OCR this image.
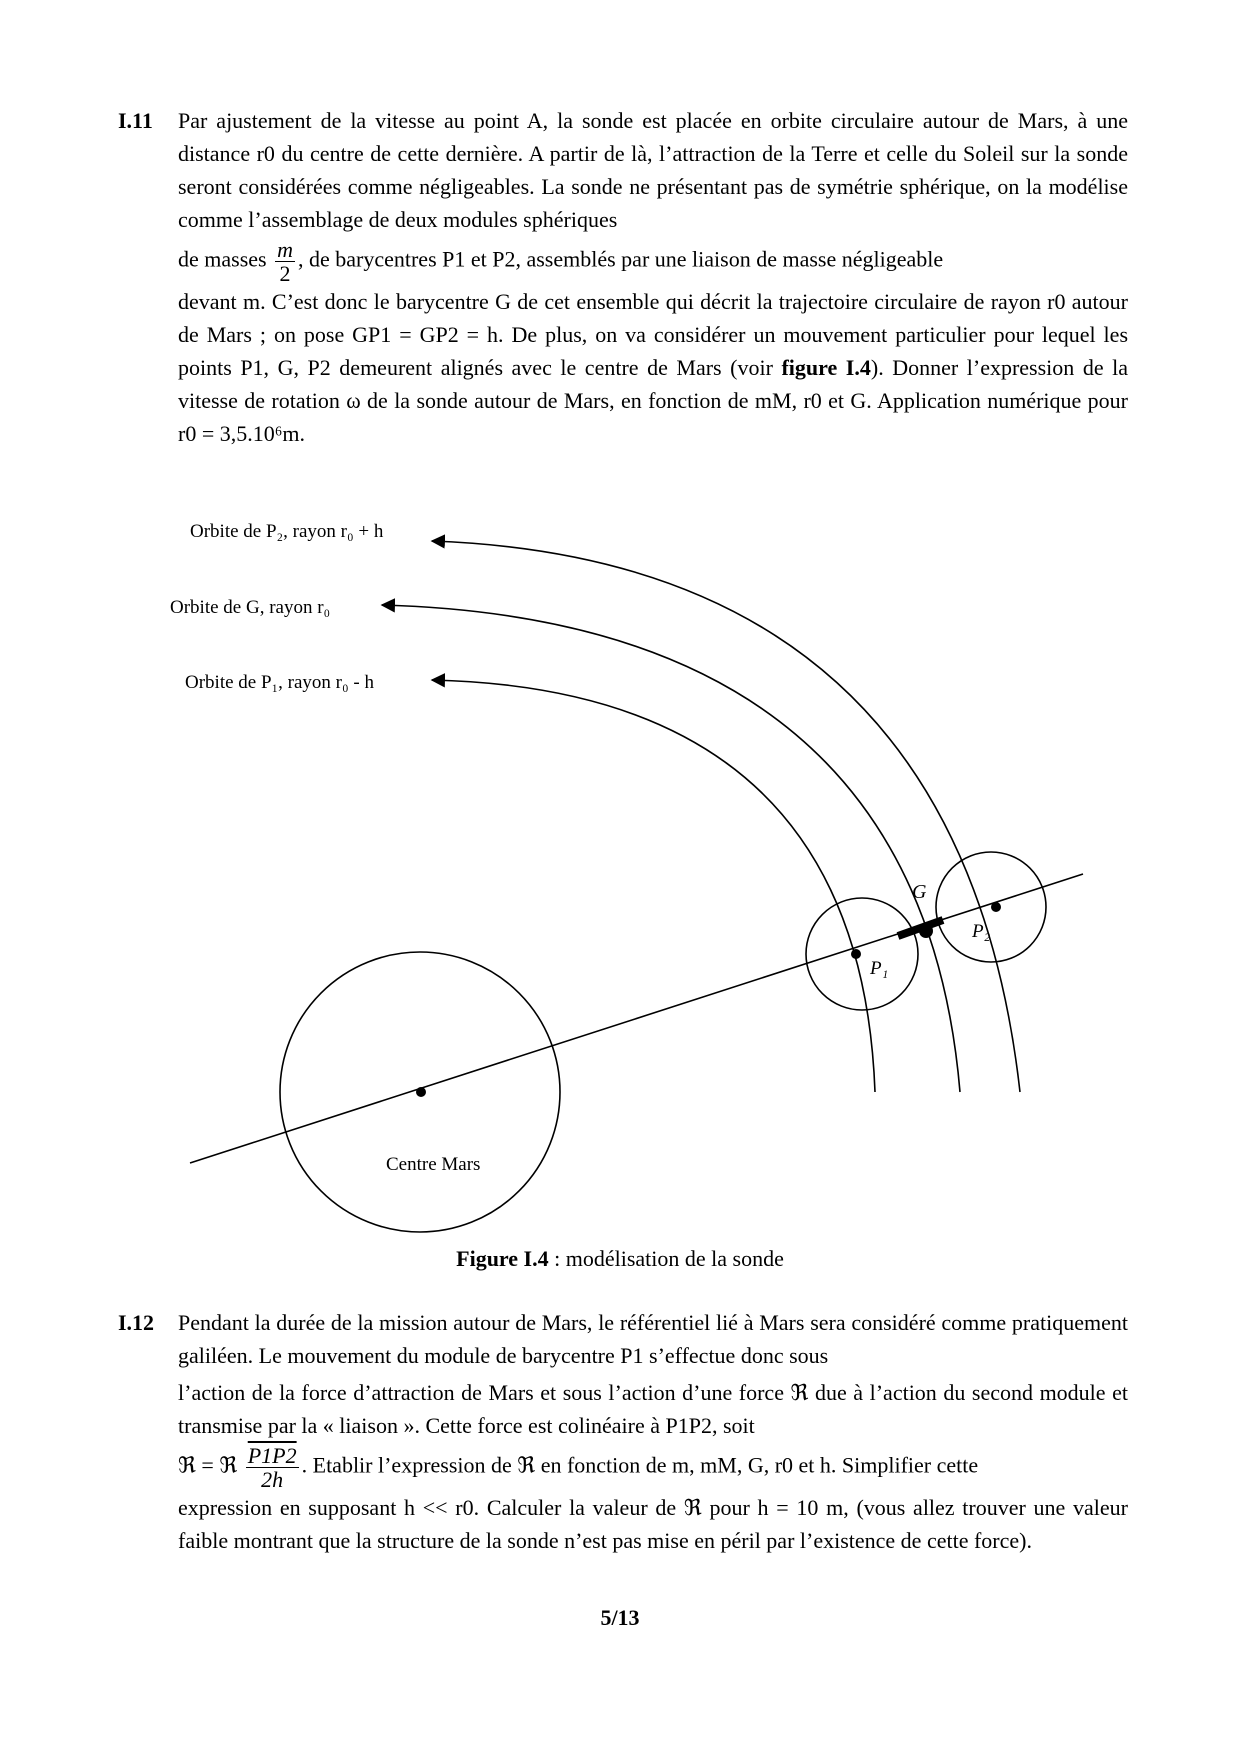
I.11 Par ajustement de la vitesse au point A, la sonde est placée en orbite circulaire autour de Mars, à une distance r0 du centre de cette dernière. A partir de là, l’attraction de la Terre et celle du Soleil sur la sonde seront considérées comme négligeables. La sonde ne présentant pas de symétrie sphérique, on la modélise comme l’assemblage de deux modules sphériques

de masses $\frac{m}{2}$ , de barycentres P1 et P2, assemblés par une liaison de masse négligeable

devant m. C’est donc le barycentre G de cet ensemble qui décrit la trajectoire circulaire de rayon r0 autour de Mars ; on pose GP1 = GP2 = h. De plus, on va considérer un mouvement particulier pour lequel les points P1, G, P2 demeurent alignés avec le centre de Mars (voir figure I.4). Donner l’expression de la vitesse de rotation ω de la sonde autour de Mars, en fonction de mM, r0 et G. Application numérique pour r0 = 3,5.10⁶m.

Orbite de P₂, rayon r₀ + h
Orbite de G, rayon r₀
Orbite de P₁, rayon r₀ - h
G
P₁
P₂
Centre Mars
Figure I.4 : modélisation de la sonde
I.12 Pendant la durée de la mission autour de Mars, le référentiel lié à Mars sera considéré comme pratiquement galiléen. Le mouvement du module de barycentre P1 s’effectue donc sous

l’action de la force d’attraction de Mars et sous l’action d’une force ℜ due à l’action du second module et transmise par la « liaison ». Cette force est colinéaire à P1P2, soit

ℜ = ℜ $\frac{P1P2}{2h}$ . Etablir l’expression de ℜ en fonction de m, mM, G, r0 et h. Simplifier cette

expression en supposant h << r0. Calculer la valeur de ℜ pour h = 10 m, (vous allez trouver une valeur faible montrant que la structure de la sonde n’est pas mise en péril par l’existence de cette force).

5/13
